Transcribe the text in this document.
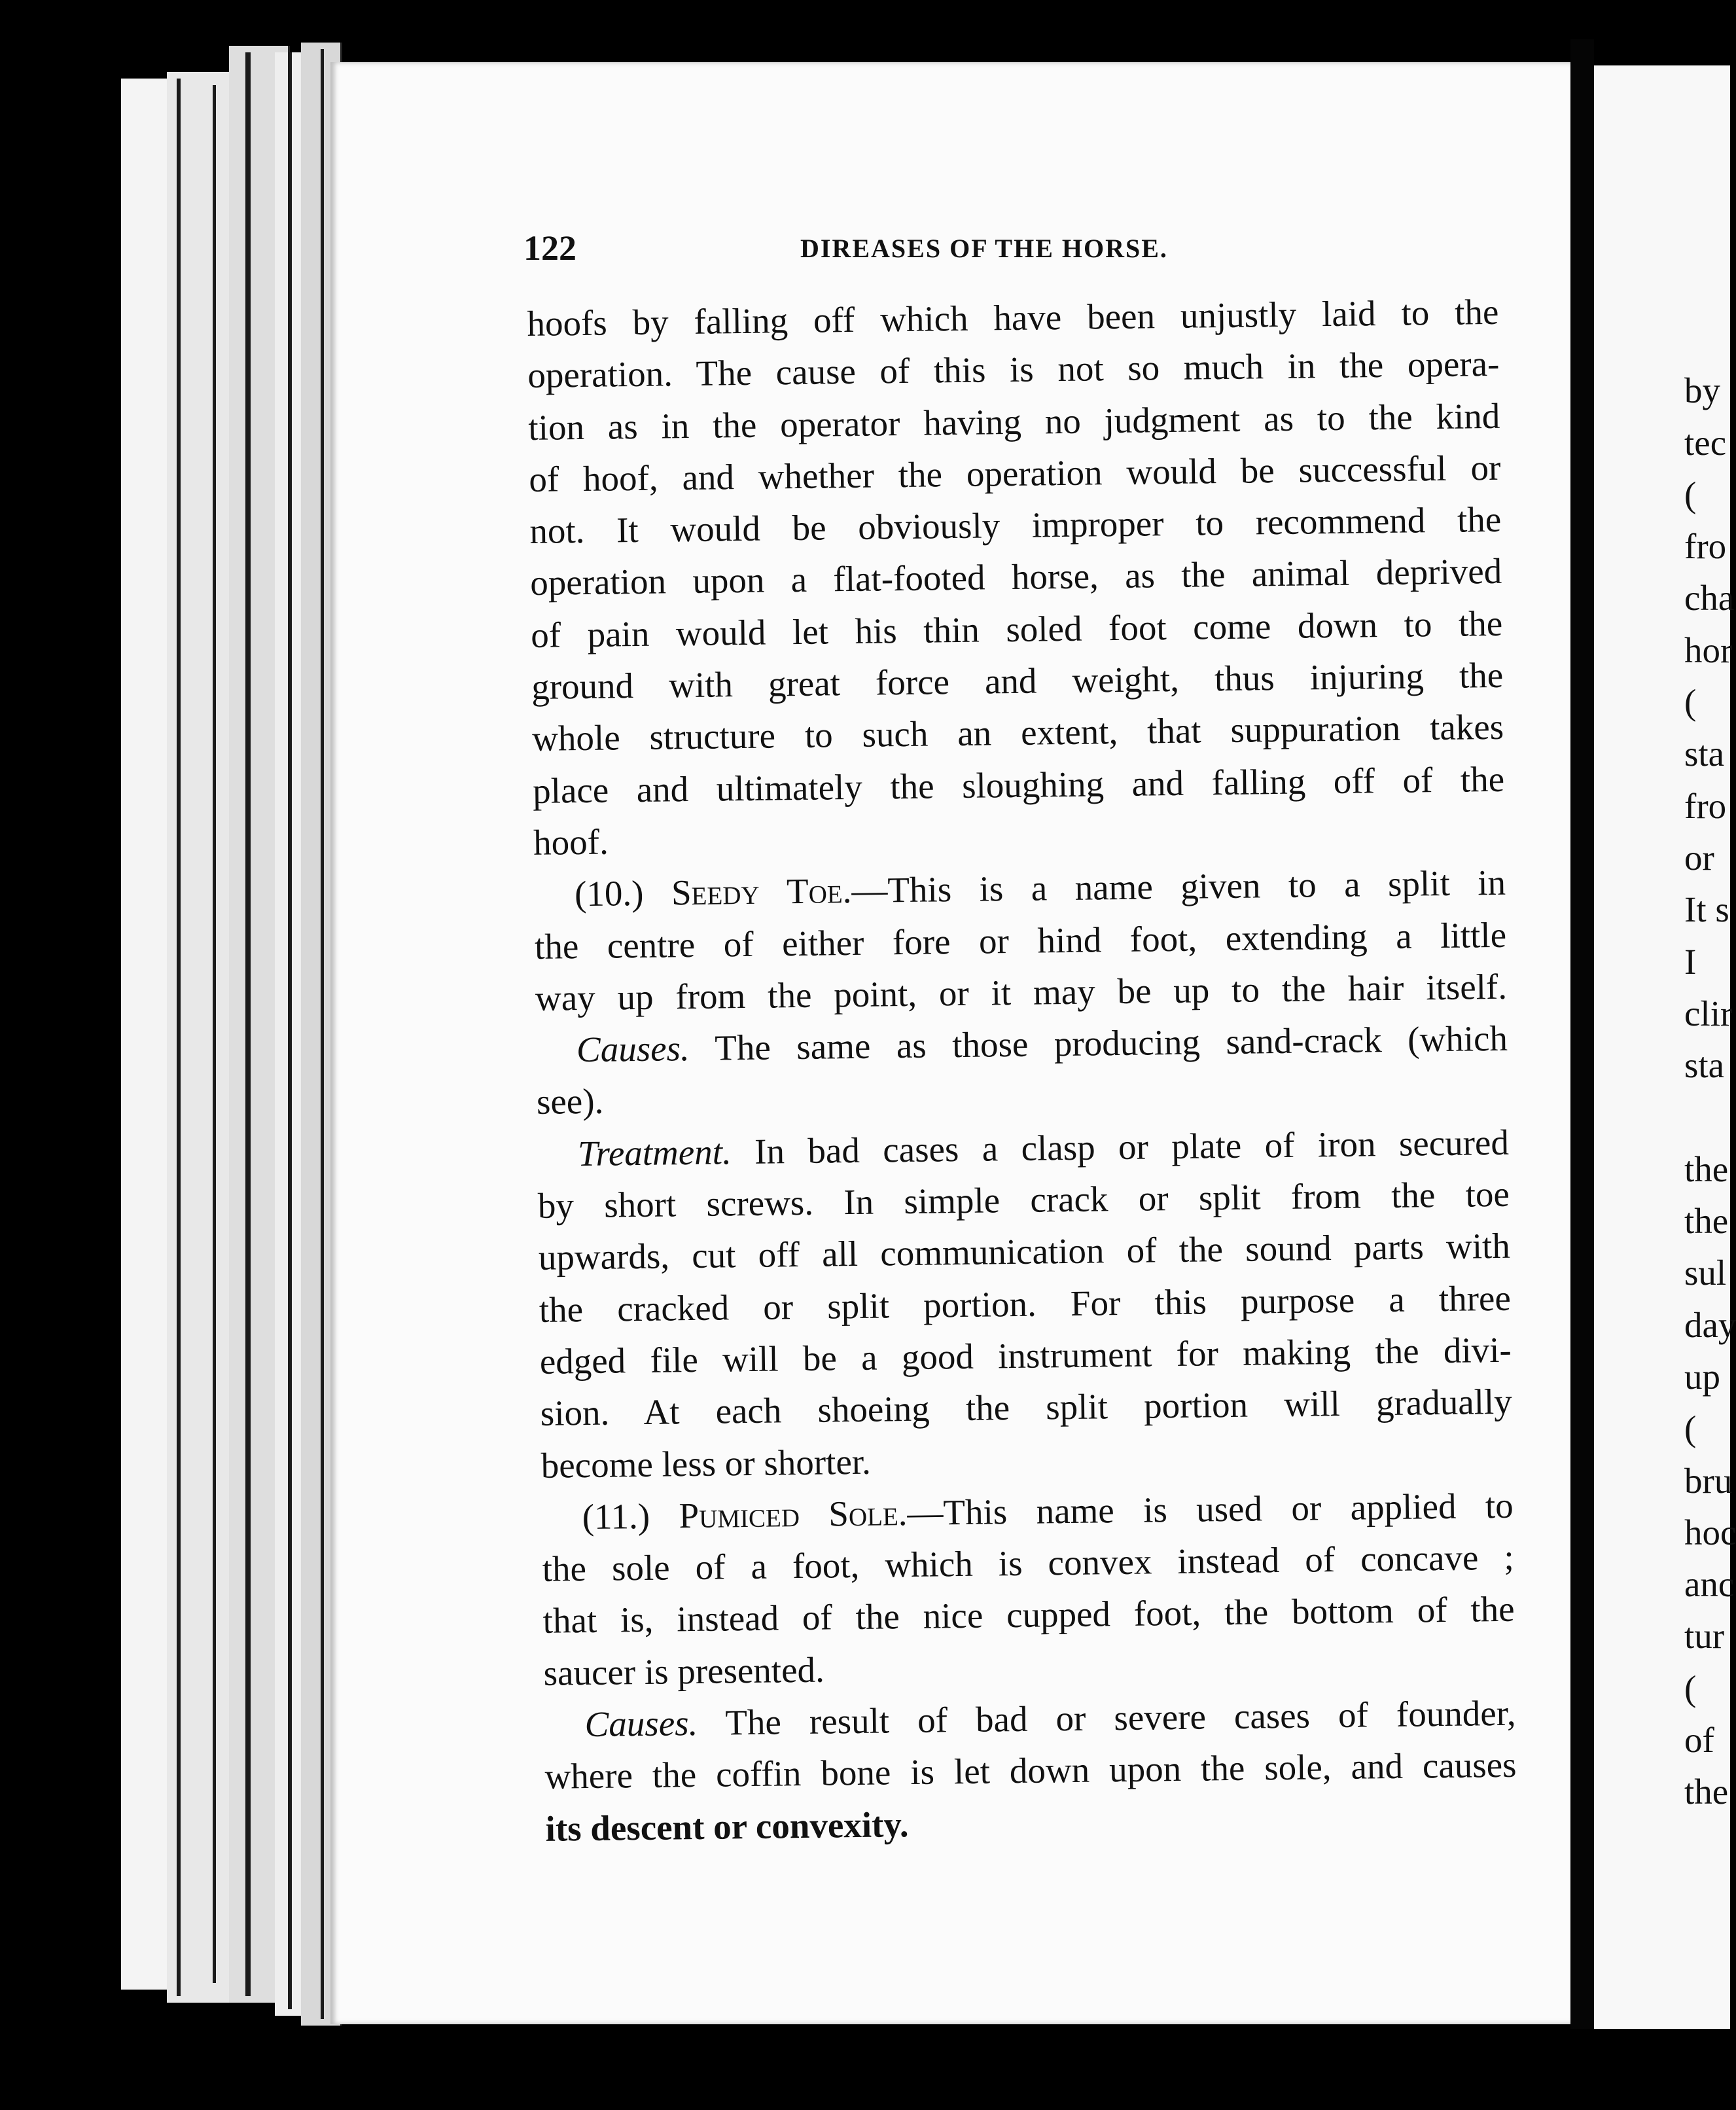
122	DIREASES OF THE HORSE.
hoofs by falling off which have been unjustly laid to the
operation. The cause of this is not so much in the opera-
tion as in the operator having no judgment as to the kind
of hoof, and whether the operation would be successful or
not. It would be obviously improper to recommend the
operation upon a flat-footed horse, as the animal deprived
of pain would let his thin soled foot come down to the
ground with great force and weight, thus injuring the
whole structure to such an extent, that suppuration takes
place and ultimately the sloughing and falling off of the
hoof.
(10.) Seedy Toe.—This is a name given to a split in
the centre of either fore or hind foot, extending a little
way up from the point, or it may be up to the hair itself.
Causes. The same as those producing sand-crack (which
see).
Treatment. In bad cases a clasp or plate of iron secured
by short screws. In simple crack or split from the toe
upwards, cut off all communication of the sound parts with
the cracked or split portion. For this purpose a three
edged file will be a good instrument for making the divi-
sion. At each shoeing the split portion will gradually
become less or shorter.
(11.) Pumiced Sole.—This name is used or applied to
the sole of a foot, which is convex instead of concave ;
that is, instead of the nice cupped foot, the bottom of the
saucer is presented.
Causes. The result of bad or severe cases of founder,
where the coffin bone is let down upon the sole, and causes
its descent or convexity.

by
tec
(
fro
cha
hor
(
sta
fro
or
It s
I
clir
sta

the
the
sul
day
up
(
bru
hoc
anc
tur
(
of
the
